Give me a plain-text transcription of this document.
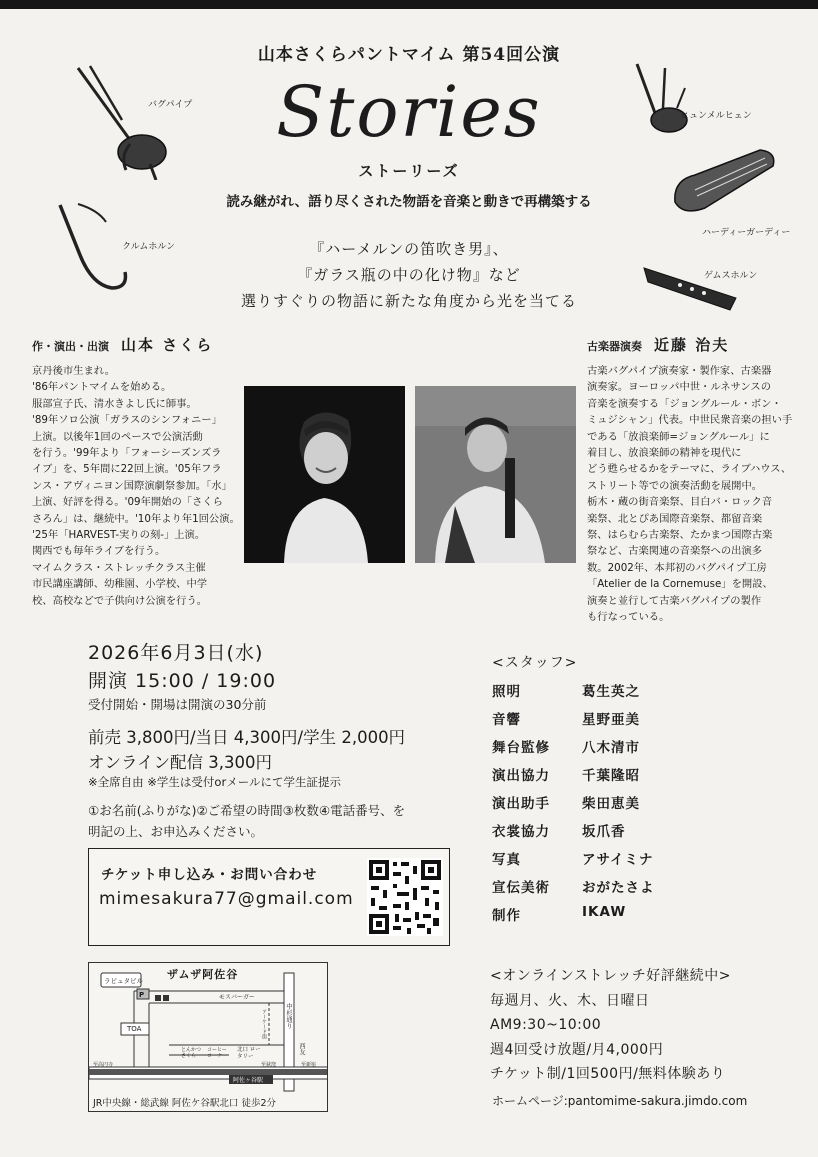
山本さくらパントマイム 第54回公演
Stories
ストーリーズ
読み継がれ、語り尽くされた物語を音楽と動きで再構築する
『ハーメルンの笛吹き男』、
『ガラス瓶の中の化け物』など
選りすぐりの物語に新たな角度から光を当てる
バグパイプ
クルムホルン
ヒュンメルヒェン
ハーディーガーディー
ゲムスホルン
作・演出・出演 山本 さくら
京丹後市生まれ。
'86年パントマイムを始める。
服部宣子氏、清水きよし氏に師事。
'89年ソロ公演「ガラスのシンフォニー」
上演。以後年1回のペースで公演活動
を行う。'99年より「フォーシーズンズラ
イブ」を、5年間に22回上演。'05年フラ
ンス・アヴィニヨン国際演劇祭参加。「水」
上演、好評を得る。'09年開始の「さくら
さろん」は、継続中。'10年より年1回公演。
'25年「HARVEST-実りの刻-」上演。
関西でも毎年ライブを行う。
マイムクラス・ストレッチクラス主催
市民講座講師、幼稚園、小学校、中学
校、高校などで子供向け公演を行う。
古楽器演奏 近藤 治夫
古楽バグパイプ演奏家・製作家、古楽器
演奏家。ヨーロッパ中世・ルネサンスの
音楽を演奏する「ジョングルール・ボン・
ミュジシャン」代表。中世民衆音楽の担い手
である「放浪楽師=ジョングルール」に
着目し、放浪楽師の精神を現代に
どう甦らせるかをテーマに、ライブハウス、
ストリート等での演奏活動を展開中。
栃木・蔵の街音楽祭、目白バ・ロック音
楽祭、北とぴあ国際音楽祭、都留音楽
祭、はらむら古楽祭、たかまつ国際古楽
祭など、古楽関連の音楽祭への出演多
数。2002年、本邦初のバグパイプ工房
「Atelier de la Cornemuse」を開設、
演奏と並行して古楽バグパイプの製作
も行なっている。
2026年6月3日(水)
開演 15:00 / 19:00
受付開始・開場は開演の30分前
前売 3,800円/当日 4,300円/学生 2,000円
オンライン配信 3,300円
※全席自由 ※学生は受付orメールにて学生証提示
①お名前(ふりがな)②ご希望の時間③枚数④電話番号、を
明記の上、お申込みください。
チケット申し込み・お問い合わせ
mimesakura77@gmail.com
ザムザ阿佐谷
ラピュタビル
P	モスバーガー
TOA	アーケード街	中杉通り
とんかつ さくら
コーヒー コーナー
北口 ロータリー
西友
至高円寺	至荻窪	至新宿
阿佐ヶ谷駅
JR中央線・総武線 阿佐ケ谷駅北口 徒歩2分
<スタッフ>
照明	葛生英之
音響	星野亜美
舞台監修 八木清市
演出協力 千葉隆昭
演出助手 柴田恵美
衣裳協力 坂爪香
写真	アサイミナ
宣伝美術 おがたさよ
制作	IKAW
<オンラインストレッチ好評継続中>
毎週月、火、木、日曜日
AM9:30~10:00
週4回受け放題/月4,000円
チケット制/1回500円/無料体験あり
ホームページ:pantomime-sakura.jimdo.com
